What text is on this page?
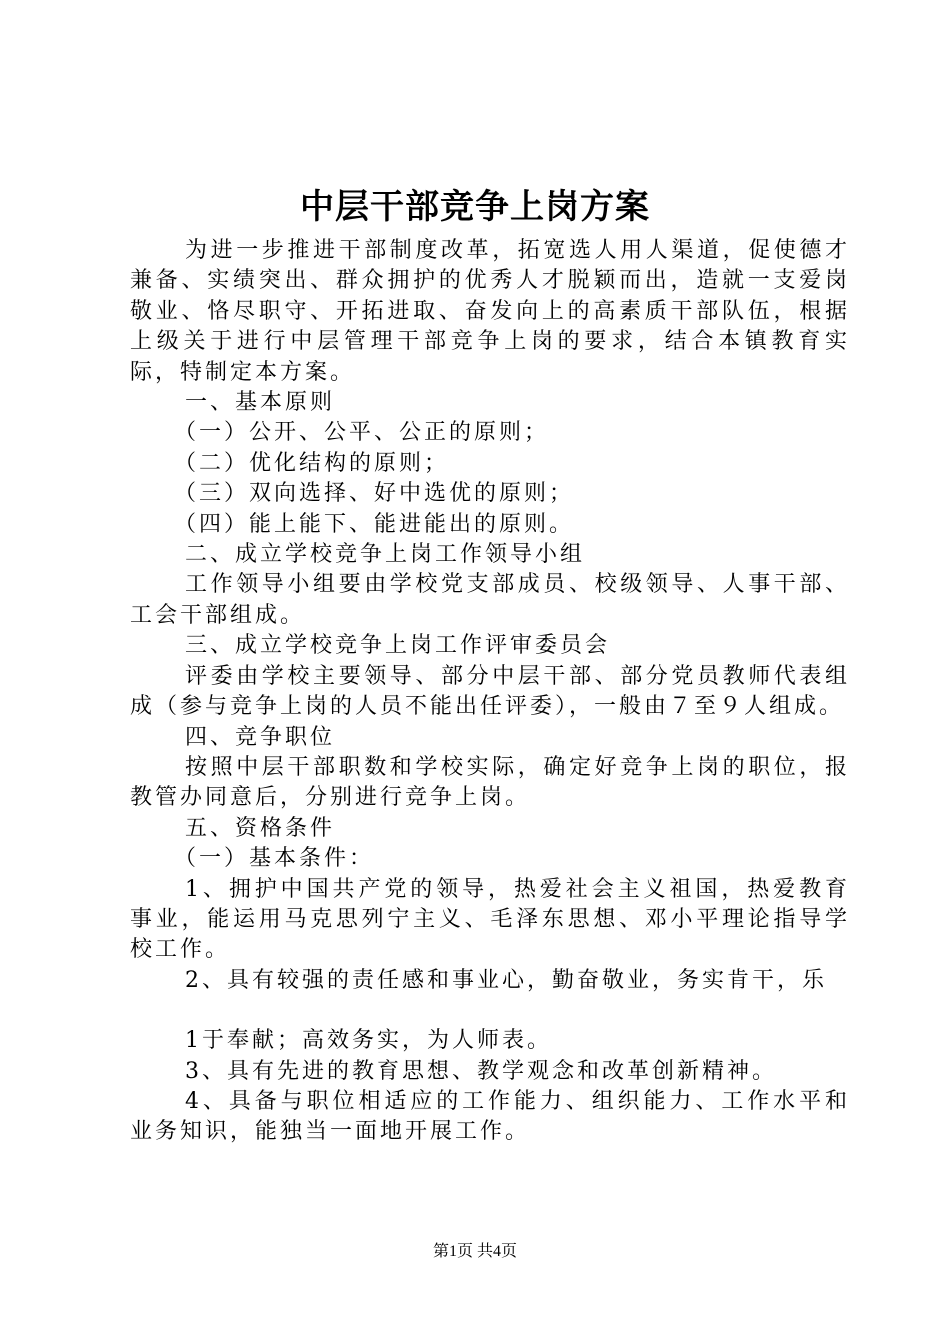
中层干部竞争上岗方案

为进一步推进干部制度改革，拓宽选人用人渠道，促使德才兼备、实绩突出、群众拥护的优秀人才脱颖而出，造就一支爱岗敬业、恪尽职守、开拓进取、奋发向上的高素质干部队伍，根据上级关于进行中层管理干部竞争上岗的要求，结合本镇教育实际，特制定本方案。

一、基本原则

（一）公开、公平、公正的原则；

（二）优化结构的原则；

（三）双向选择、好中选优的原则；

（四）能上能下、能进能出的原则。

二、成立学校竞争上岗工作领导小组

工作领导小组要由学校党支部成员、校级领导、人事干部、工会干部组成。

三、成立学校竞争上岗工作评审委员会

评委由学校主要领导、部分中层干部、部分党员教师代表组成（参与竞争上岗的人员不能出任评委），一般由７至９人组成。

四、竞争职位

按照中层干部职数和学校实际，确定好竞争上岗的职位，报教管办同意后，分别进行竞争上岗。

五、资格条件

（一）基本条件：

1、拥护中国共产党的领导，热爱社会主义祖国，热爱教育事业，能运用马克思列宁主义、毛泽东思想、邓小平理论指导学校工作。

2、具有较强的责任感和事业心，勤奋敬业，务实肯干，乐

1于奉献；高效务实，为人师表。

3、具有先进的教育思想、教学观念和改革创新精神。

4、具备与职位相适应的工作能力、组织能力、工作水平和业务知识，能独当一面地开展工作。

第1页 共4页
